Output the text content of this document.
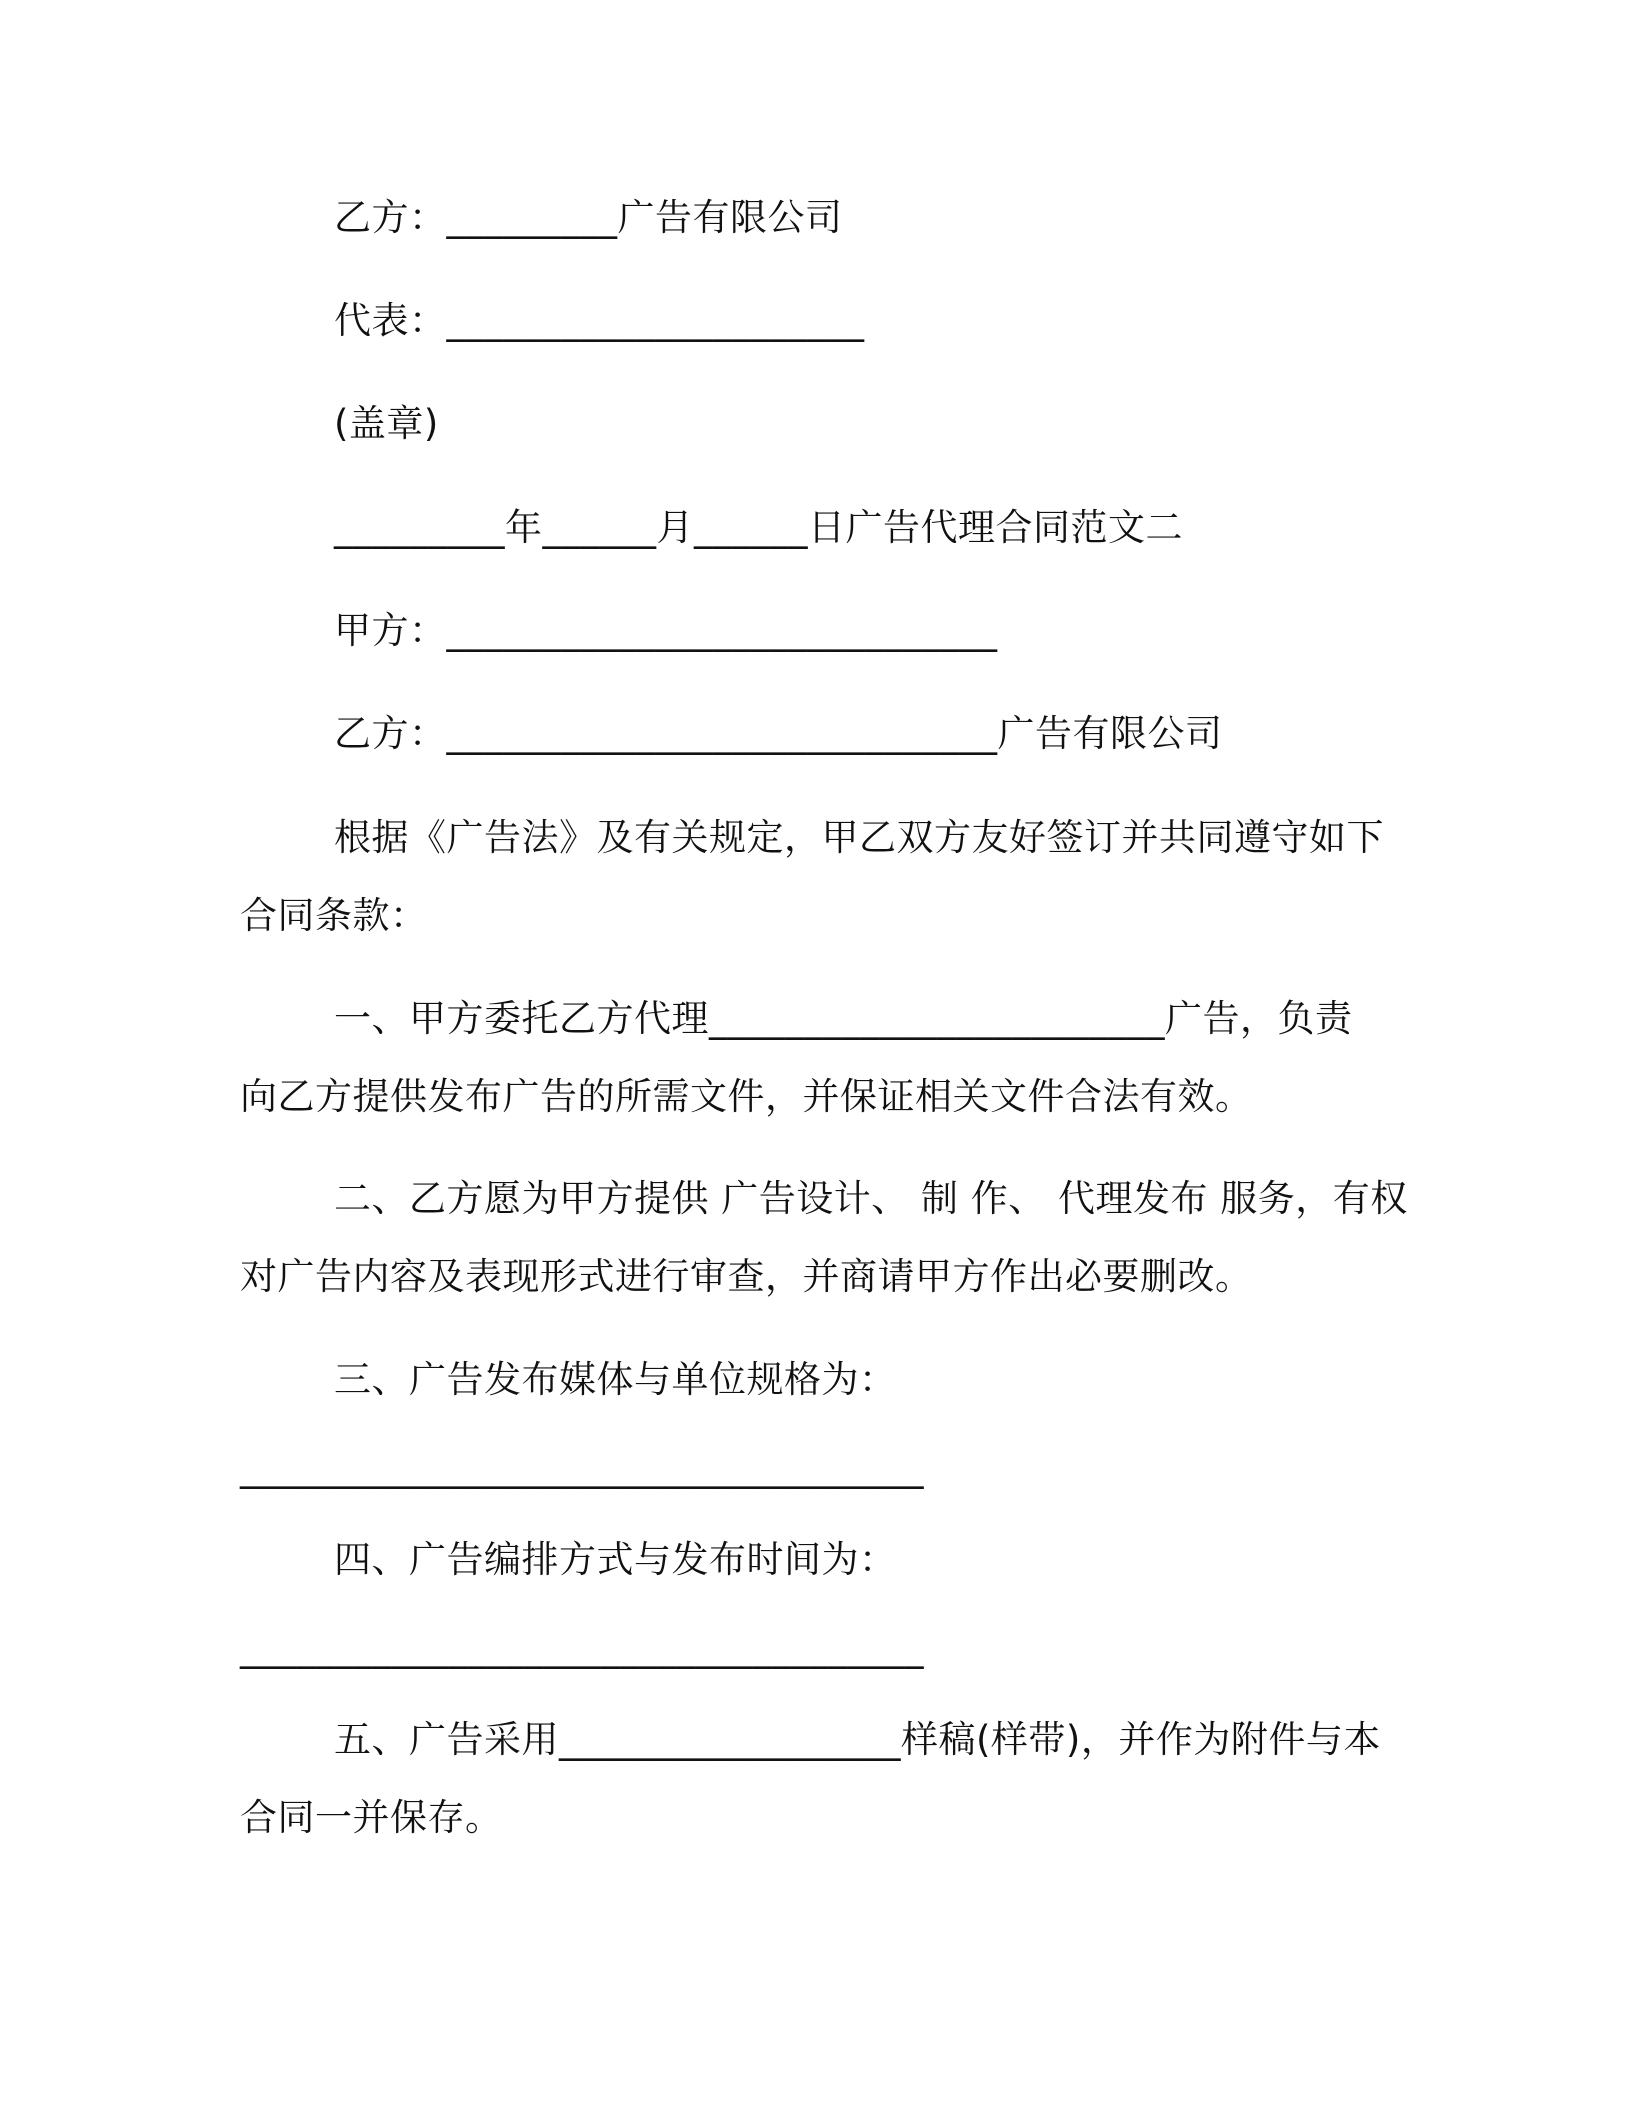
乙方：_________广告有限公司
代表：______________________
(盖章)
_________年______月______日广告代理合同范文二
甲方：_____________________________
乙方：_____________________________广告有限公司
根据《广告法》及有关规定，甲乙双方友好签订并共同遵守如下
合同条款：
一、甲方委托乙方代理________________________广告，负责
向乙方提供发布广告的所需文件，并保证相关文件合法有效。
二、乙方愿为甲方提供 广告设计、 制 作、 代理发布 服务，有权
对广告内容及表现形式进行审查，并商请甲方作出必要删改。
三、广告发布媒体与单位规格为：
____________________________________
四、广告编排方式与发布时间为：
____________________________________
五、广告采用__________________样稿(样带)，并作为附件与本
合同一并保存。
